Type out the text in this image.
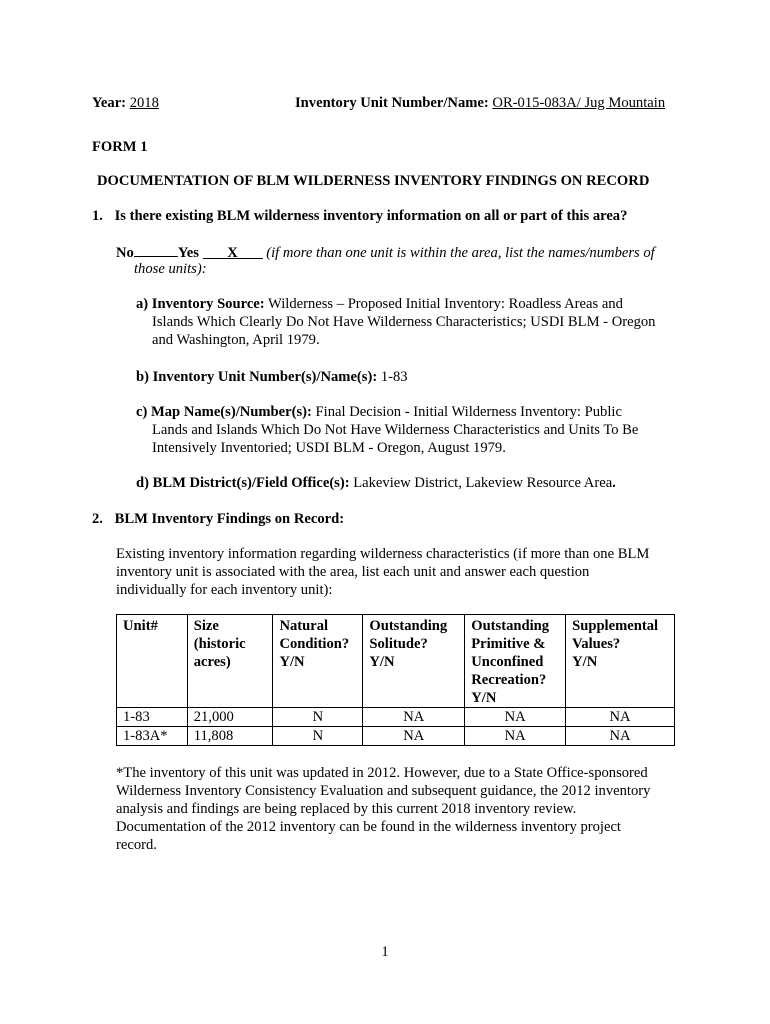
Year: 2018	Inventory Unit Number/Name: OR-015-083A/ Jug Mountain
FORM 1
DOCUMENTATION OF BLM WILDERNESS INVENTORY FINDINGS ON RECORD
1. Is there existing BLM wilderness inventory information on all or part of this area?
No	Yes X (if more than one unit is within the area, list the names/numbers of
those units):
a) Inventory Source: Wilderness – Proposed Initial Inventory: Roadless Areas and
Islands Which Clearly Do Not Have Wilderness Characteristics; USDI BLM - Oregon
and Washington, April 1979.
b) Inventory Unit Number(s)/Name(s): 1-83
c) Map Name(s)/Number(s): Final Decision - Initial Wilderness Inventory: Public
Lands and Islands Which Do Not Have Wilderness Characteristics and Units To Be
Intensively Inventoried; USDI BLM - Oregon, August 1979.
d) BLM District(s)/Field Office(s): Lakeview District, Lakeview Resource Area.
2. BLM Inventory Findings on Record:
Existing inventory information regarding wilderness characteristics (if more than one BLM
inventory unit is associated with the area, list each unit and answer each question
individually for each inventory unit):
Unit#	Size
(historic
acres)	Natural
Condition?
Y/N	Outstanding
Solitude?
Y/N	Outstanding
Primitive &
Unconfined
Recreation?
Y/N	Supplemental
Values?
Y/N
1-83	21,000	N	NA	NA	NA
1-83A*	11,808	N	NA	NA	NA
*The inventory of this unit was updated in 2012. However, due to a State Office-sponsored
Wilderness Inventory Consistency Evaluation and subsequent guidance, the 2012 inventory
analysis and findings are being replaced by this current 2018 inventory review.
Documentation of the 2012 inventory can be found in the wilderness inventory project
record.
1
